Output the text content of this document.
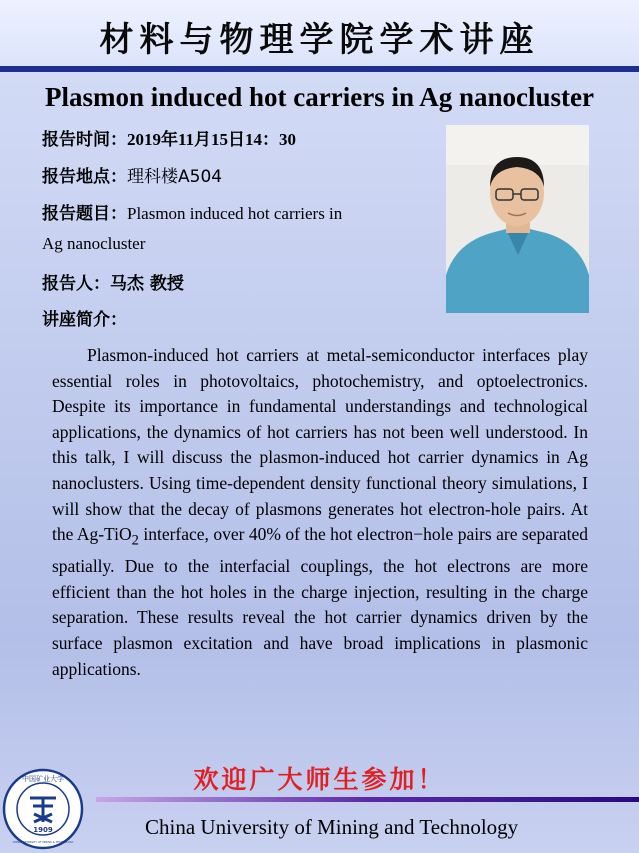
材料与物理学院学术讲座
Plasmon induced hot carriers in Ag nanocluster
报告时间：2019年11月15日14：30
报告地点：理科楼A504
报告题目：Plasmon induced hot carriers in
Ag nanocluster
报告人：马杰 教授
讲座简介：
Plasmon-induced hot carriers at metal-semiconductor interfaces play essential roles in photovoltaics, photochemistry, and optoelectronics. Despite its importance in fundamental understandings and technological applications, the dynamics of hot carriers has not been well understood. In this talk, I will discuss the plasmon-induced hot carrier dynamics in Ag nanoclusters. Using time-dependent density functional theory simulations, I will show that the decay of plasmons generates hot electron-hole pairs. At the Ag-TiO$_2$ interface, over 40% of the hot electron−hole pairs are separated spatially. Due to the interfacial couplings, the hot electrons are more efficient than the hot holes in the charge injection, resulting in the charge separation. These results reveal the hot carrier dynamics driven by the surface plasmon excitation and have broad implications in plasmonic applications.
欢迎广大师生参加！
China University of Mining and Technology
中国矿业大学
1909
CHINA UNIVERSITY OF MINING & TECHNOLOGY
